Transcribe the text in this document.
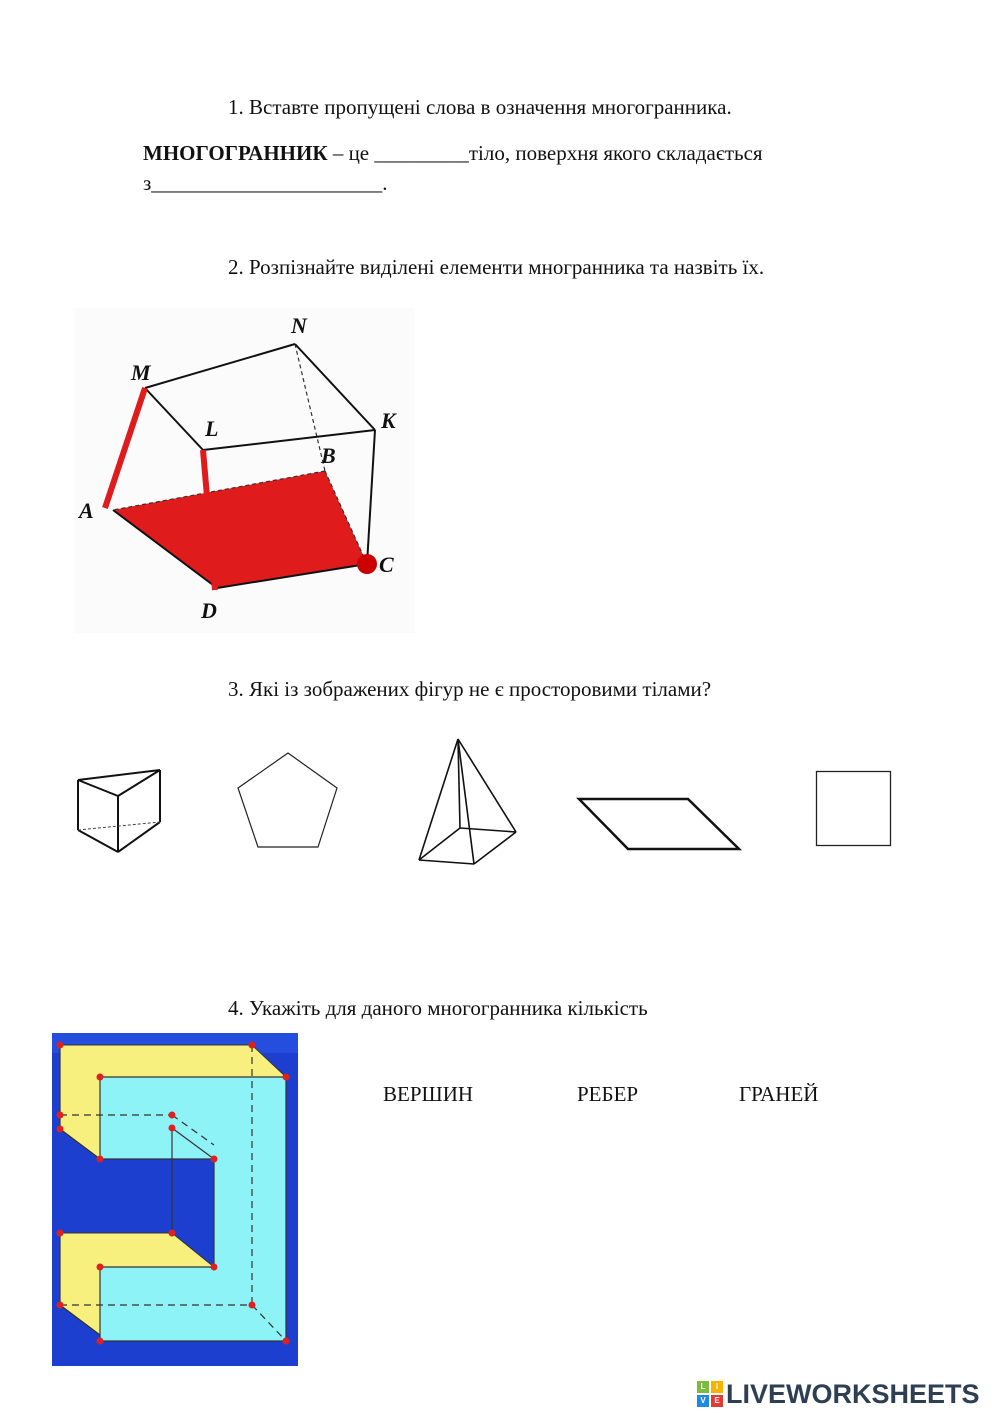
1. Вставте пропущені слова в означення многогранника.
МНОГОГРАННИК – це _________тіло, поверхня якого складається
з______________________.
2. Розпізнайте виділені елементи многранника та назвіть їх.
N
M
L	K
B
A
C
D
3. Які із зображених фігур не є просторовими тілами?
4. Укажіть для даного многогранника кількість
ВЕРШИН	РЕБЕР	ГРАНЕЙ
L	I
V	E LIVEWORKSHEETS
